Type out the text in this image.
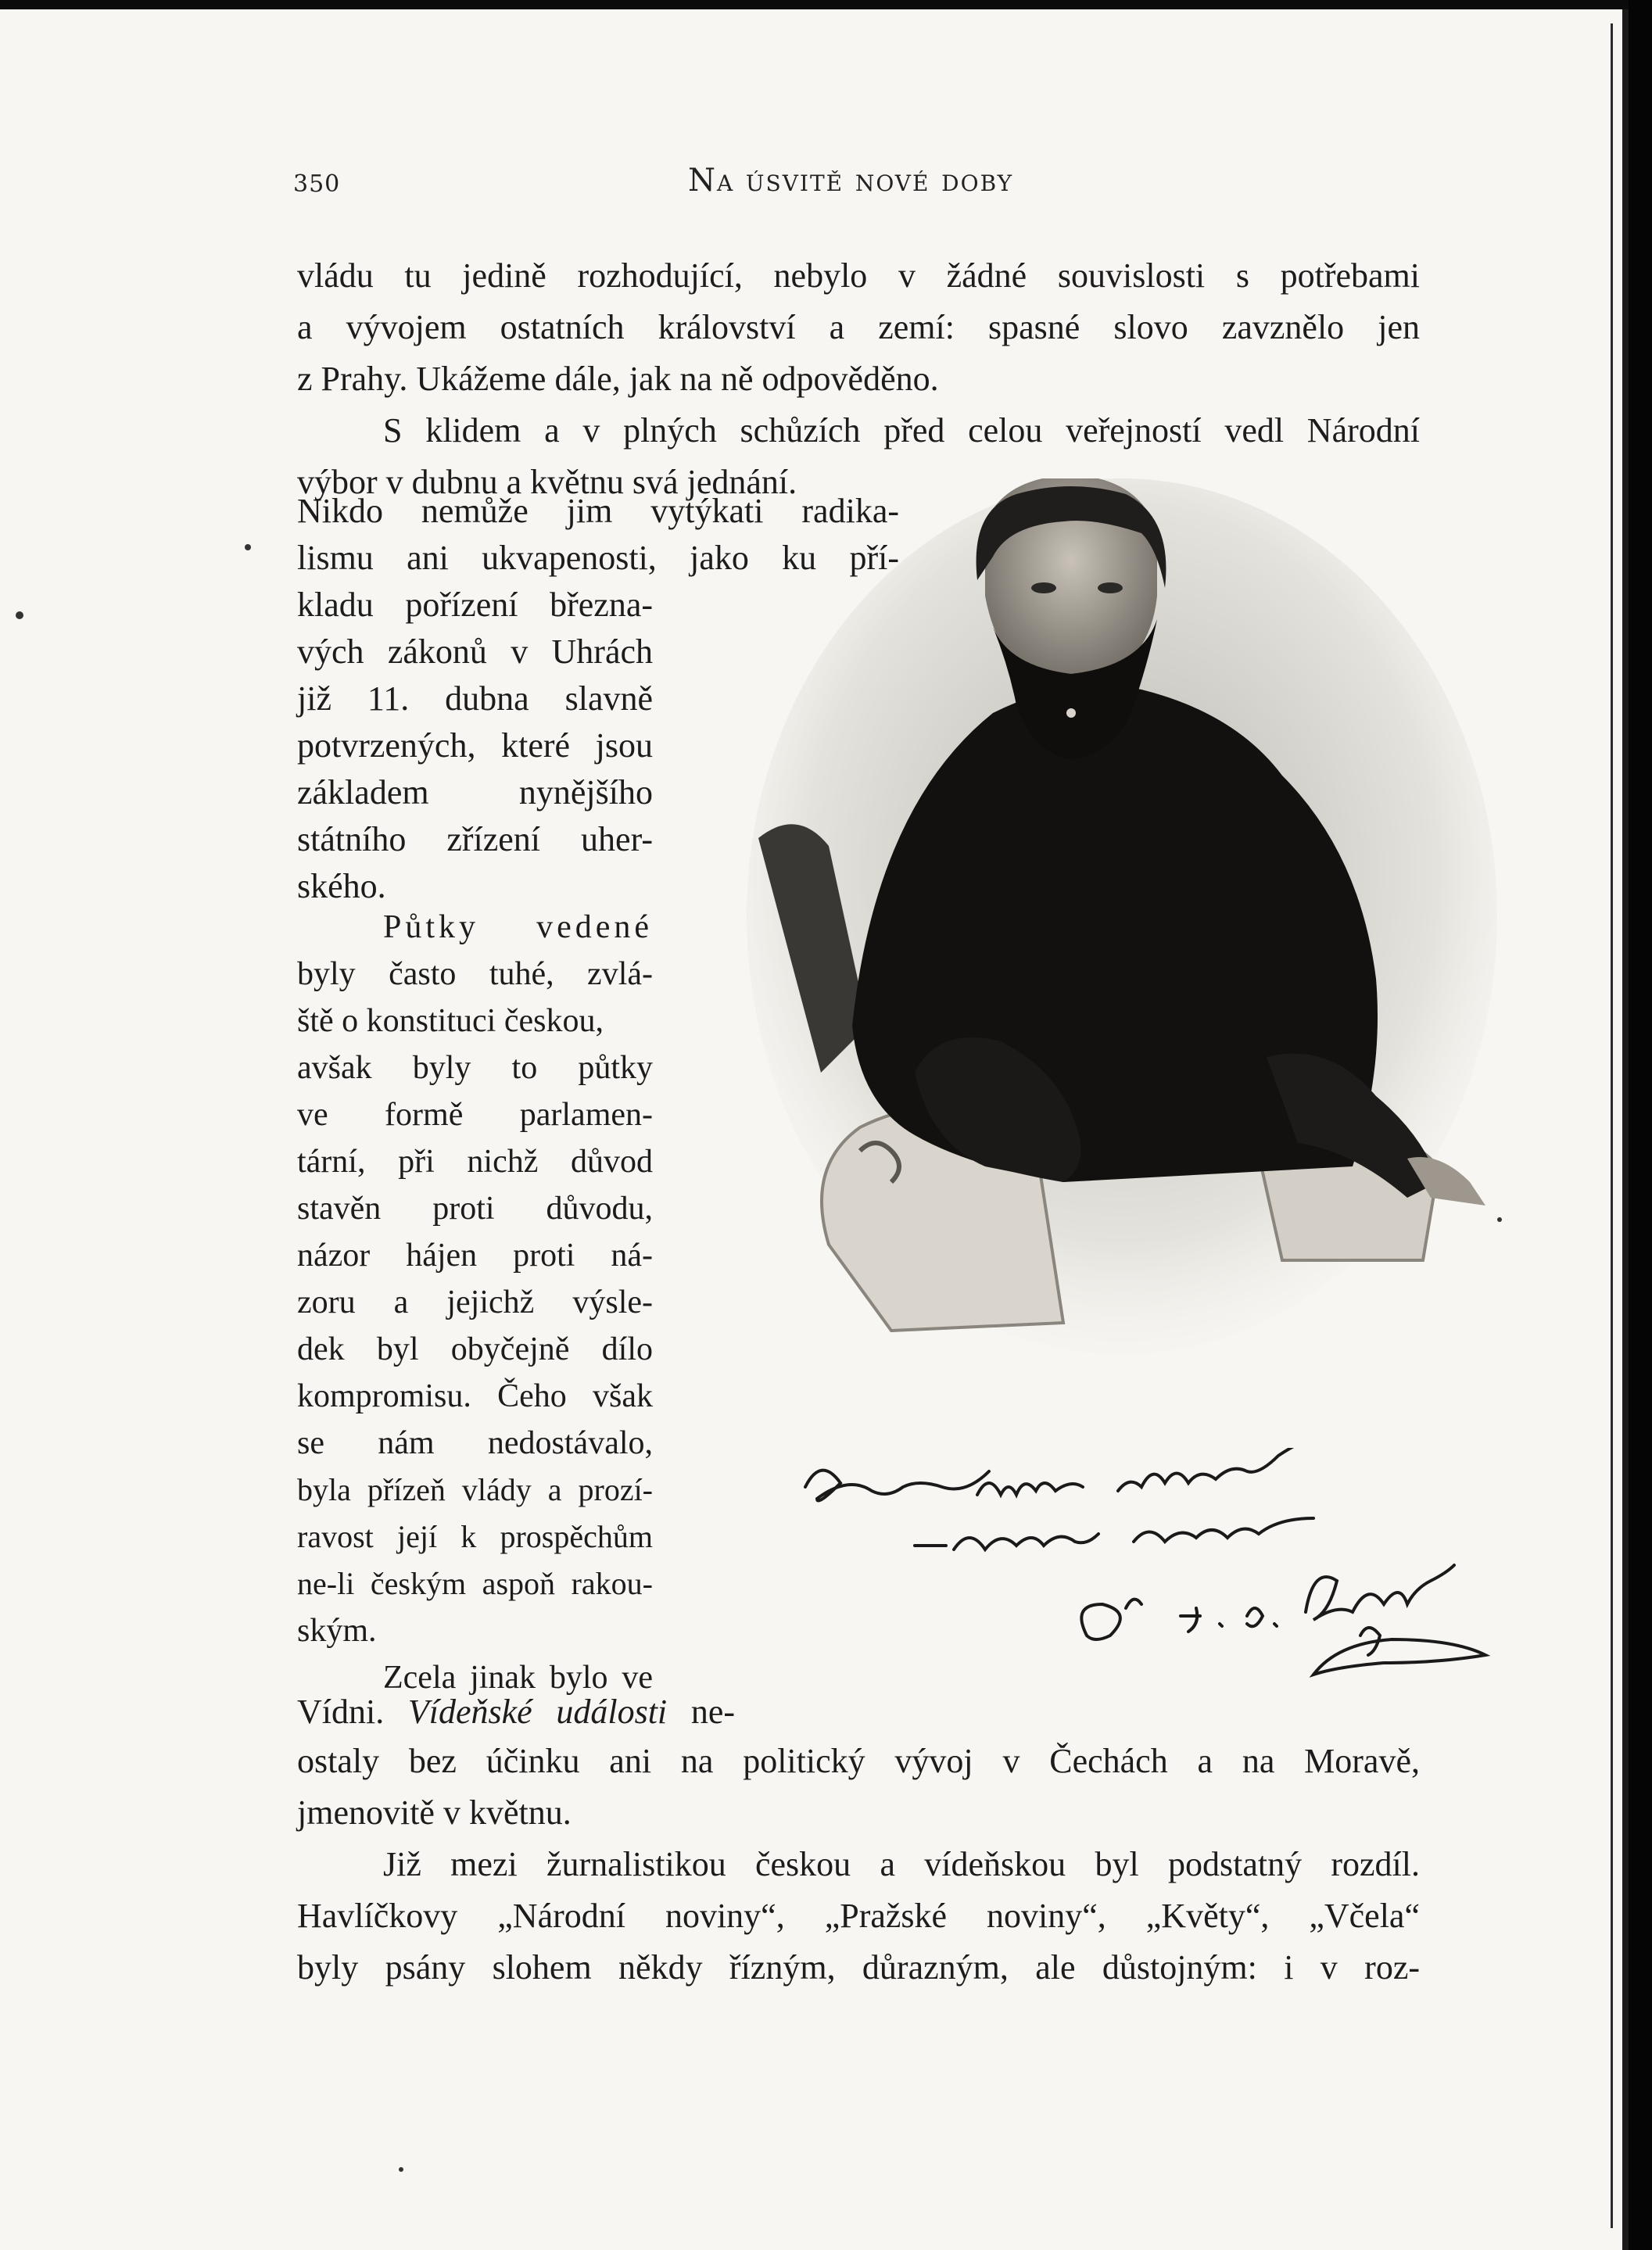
350	Na úsvitě nové doby
vládu tu jedině rozhodující, nebylo v žádné souvislosti s potřebami
a vývojem ostatních království a zemí: spasné slovo zavznělo jen
z Prahy. Ukážeme dále, jak na ně odpověděno.
S klidem a v plných schůzích před celou veřejností vedl Národní
výbor v dubnu a květnu svá jednání.
Nikdo nemůže jim vytýkati radika-
lismu ani ukvapenosti, jako ku pří-
kladu pořízení března-
vých zákonů v Uhrách
již 11. dubna slavně
potvrzených, které jsou
základem nynějšího
státního zřízení uher-
ského.
Půtky vedené
byly často tuhé, zvlá-
ště o konstituci českou,
avšak byly to půtky
ve formě parlamen-
tární, při nichž důvod
stavěn proti důvodu,
názor hájen proti ná-
zoru a jejichž výsle-
dek byl obyčejně dílo
kompromisu. Čeho však
se nám nedostávalo,
byla přízeň vlády a prozí-
ravost její k prospěchům
ne-li českým aspoň rakou-
ským.
Zcela jinak bylo ve
Vídni. Vídeňské události ne-
ostaly bez účinku ani na politický vývoj v Čechách a na Moravě,
jmenovitě v květnu.
Již mezi žurnalistikou českou a vídeňskou byl podstatný rozdíl.
Havlíčkovy „Národní noviny“, „Pražské noviny“, „Květy“, „Včela“
byly psány slohem někdy řízným, důrazným, ale důstojným: i v roz-
